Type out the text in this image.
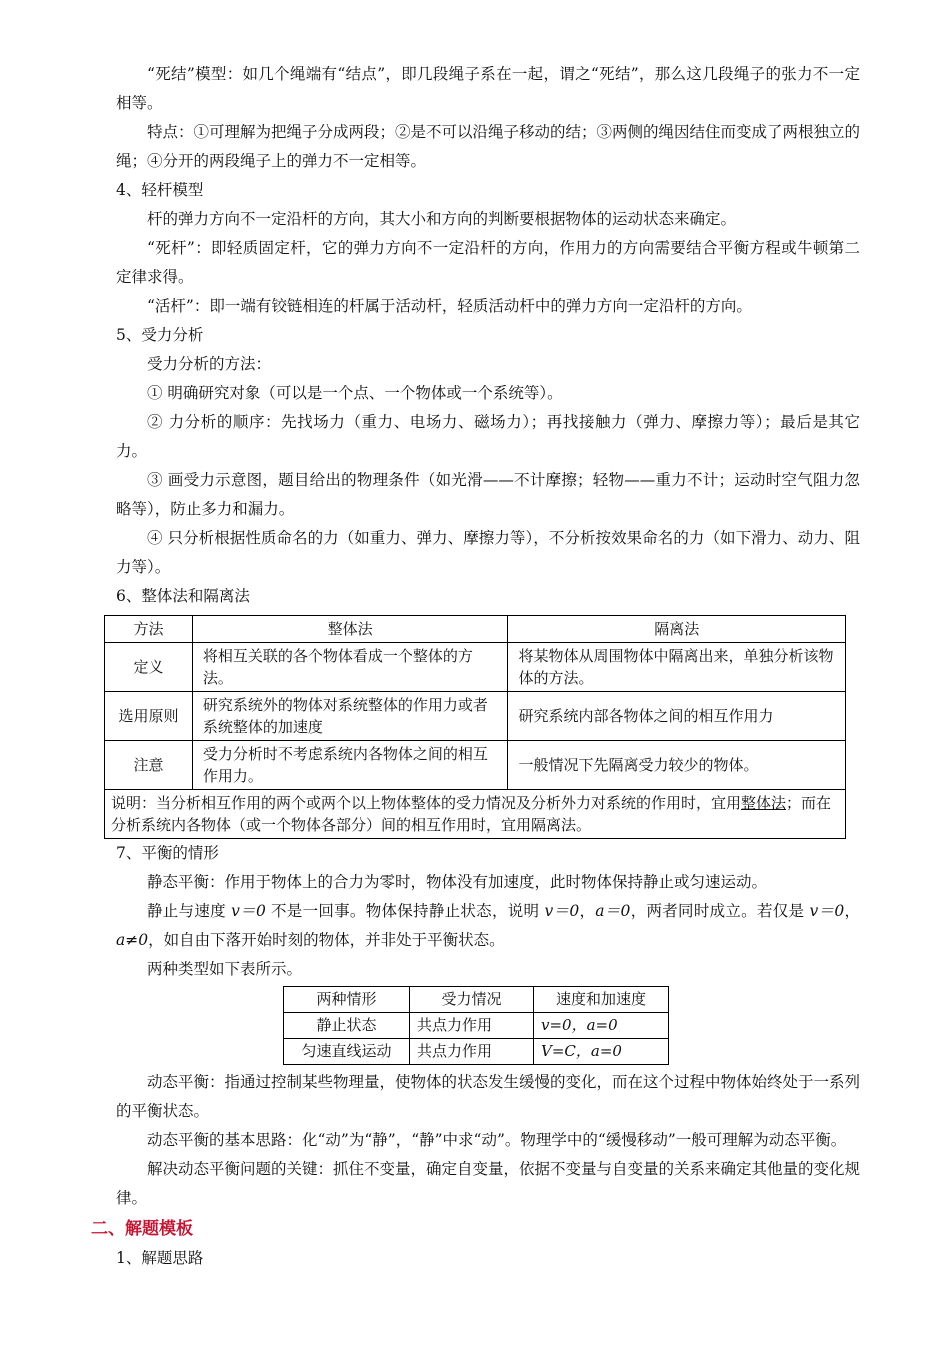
“死结”模型：如几个绳端有“结点”，即几段绳子系在一起，谓之“死结”，那么这几段绳子的张力不一定相等。

特点：①可理解为把绳子分成两段；②是不可以沿绳子移动的结；③两侧的绳因结住而变成了两根独立的绳；④分开的两段绳子上的弹力不一定相等。

4、轻杆模型

杆的弹力方向不一定沿杆的方向，其大小和方向的判断要根据物体的运动状态来确定。

“死杆”：即轻质固定杆，它的弹力方向不一定沿杆的方向，作用力的方向需要结合平衡方程或牛顿第二定律求得。

“活杆”：即一端有铰链相连的杆属于活动杆，轻质活动杆中的弹力方向一定沿杆的方向。

5、受力分析

受力分析的方法：

① 明确研究对象（可以是一个点、一个物体或一个系统等）。

② 力分析的顺序：先找场力（重力、电场力、磁场力）；再找接触力（弹力、摩擦力等）；最后是其它力。

③ 画受力示意图，题目给出的物理条件（如光滑——不计摩擦；轻物——重力不计；运动时空气阻力忽略等），防止多力和漏力。

④ 只分析根据性质命名的力（如重力、弹力、摩擦力等），不分析按效果命名的力（如下滑力、动力、阻力等）。

6、整体法和隔离法
方法	整体法	隔离法
定义	将相互关联的各个物体看成一个整体的方法。	将某物体从周围物体中隔离出来，单独分析该物体的方法。
选用原则	研究系统外的物体对系统整体的作用力或者系统整体的加速度	研究系统内部各物体之间的相互作用力
注意	受力分析时不考虑系统内各物体之间的相互作用力。	一般情况下先隔离受力较少的物体。
说明：当分析相互作用的两个或两个以上物体整体的受力情况及分析外力对系统的作用时，宜用整体法；而在分析系统内各物体（或一个物体各部分）间的相互作用时，宜用隔离法。		
7、平衡的情形

静态平衡：作用于物体上的合力为零时，物体没有加速度，此时物体保持静止或匀速运动。

静止与速度 v＝0 不是一回事。物体保持静止状态，说明 v＝0，a＝0，两者同时成立。若仅是 v＝0，a≠0，如自由下落开始时刻的物体，并非处于平衡状态。

两种类型如下表所示。

两种情形	受力情况	速度和加速度
静止状态	共点力作用	v=0，a=0
匀速直线运动	共点力作用	V=C，a=0

动态平衡：指通过控制某些物理量，使物体的状态发生缓慢的变化，而在这个过程中物体始终处于一系列的平衡状态。

动态平衡的基本思路：化“动”为“静”，“静”中求“动”。物理学中的“缓慢移动”一般可理解为动态平衡。

解决动态平衡问题的关键：抓住不变量，确定自变量，依据不变量与自变量的关系来确定其他量的变化规律。

二、解题模板
1、解题思路
